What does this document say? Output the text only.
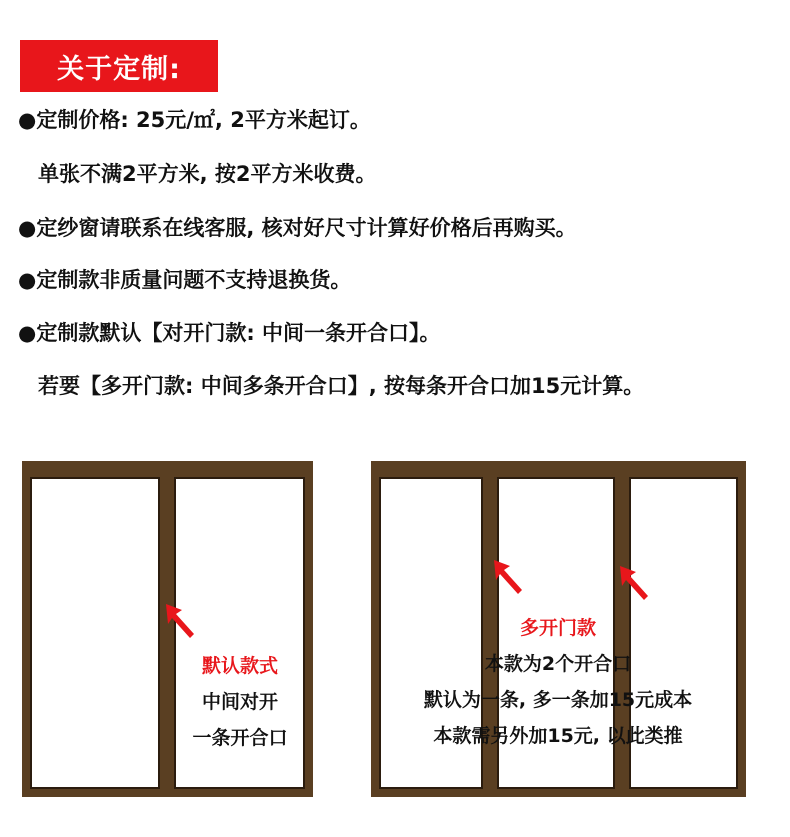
关于定制:
●定制价格: 25元/㎡, 2平方米起订。
单张不满2平方米, 按2平方米收费。
●定纱窗请联系在线客服, 核对好尺寸计算好价格后再购买。
●定制款非质量问题不支持退换货。
●定制款默认【对开门款: 中间一条开合口】。
若要【多开门款: 中间多条开合口】, 按每条开合口加15元计算。
默认款式
中间对开
一条开合口
多开门款
本款为2个开合口
默认为一条, 多一条加15元成本
本款需另外加15元, 以此类推
